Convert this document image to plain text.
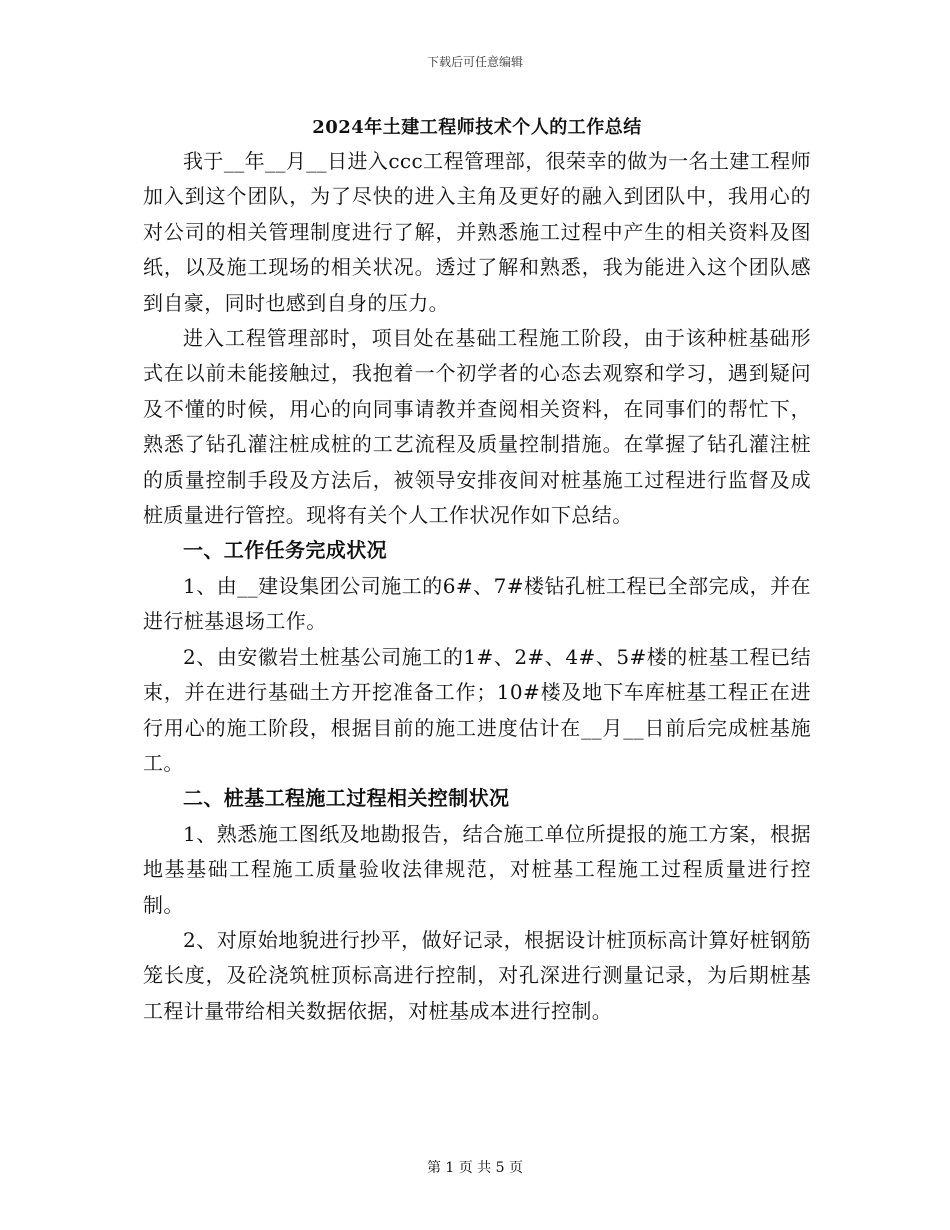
下载后可任意编辑
2024年土建工程师技术个人的工作总结

我于__年__月__日进入ccc工程管理部，很荣幸的做为一名土建工程师加入到这个团队，为了尽快的进入主角及更好的融入到团队中，我用心的对公司的相关管理制度进行了解，并熟悉施工过程中产生的相关资料及图纸，以及施工现场的相关状况。透过了解和熟悉，我为能进入这个团队感到自豪，同时也感到自身的压力。

进入工程管理部时，项目处在基础工程施工阶段，由于该种桩基础形式在以前未能接触过，我抱着一个初学者的心态去观察和学习，遇到疑问及不懂的时候，用心的向同事请教并查阅相关资料，在同事们的帮忙下，熟悉了钻孔灌注桩成桩的工艺流程及质量控制措施。在掌握了钻孔灌注桩的质量控制手段及方法后，被领导安排夜间对桩基施工过程进行监督及成桩质量进行管控。现将有关个人工作状况作如下总结。

一、工作任务完成状况

1、由__建设集团公司施工的6#、7#楼钻孔桩工程已全部完成，并在进行桩基退场工作。

2、由安徽岩土桩基公司施工的1#、2#、4#、5#楼的桩基工程已结束，并在进行基础土方开挖准备工作；10#楼及地下车库桩基工程正在进行用心的施工阶段，根据目前的施工进度估计在__月__日前后完成桩基施工。

二、桩基工程施工过程相关控制状况

1、熟悉施工图纸及地勘报告，结合施工单位所提报的施工方案，根据地基基础工程施工质量验收法律规范，对桩基工程施工过程质量进行控制。

2、对原始地貌进行抄平，做好记录，根据设计桩顶标高计算好桩钢筋笼长度，及砼浇筑桩顶标高进行控制，对孔深进行测量记录，为后期桩基工程计量带给相关数据依据，对桩基成本进行控制。

第 1 页 共 5 页
